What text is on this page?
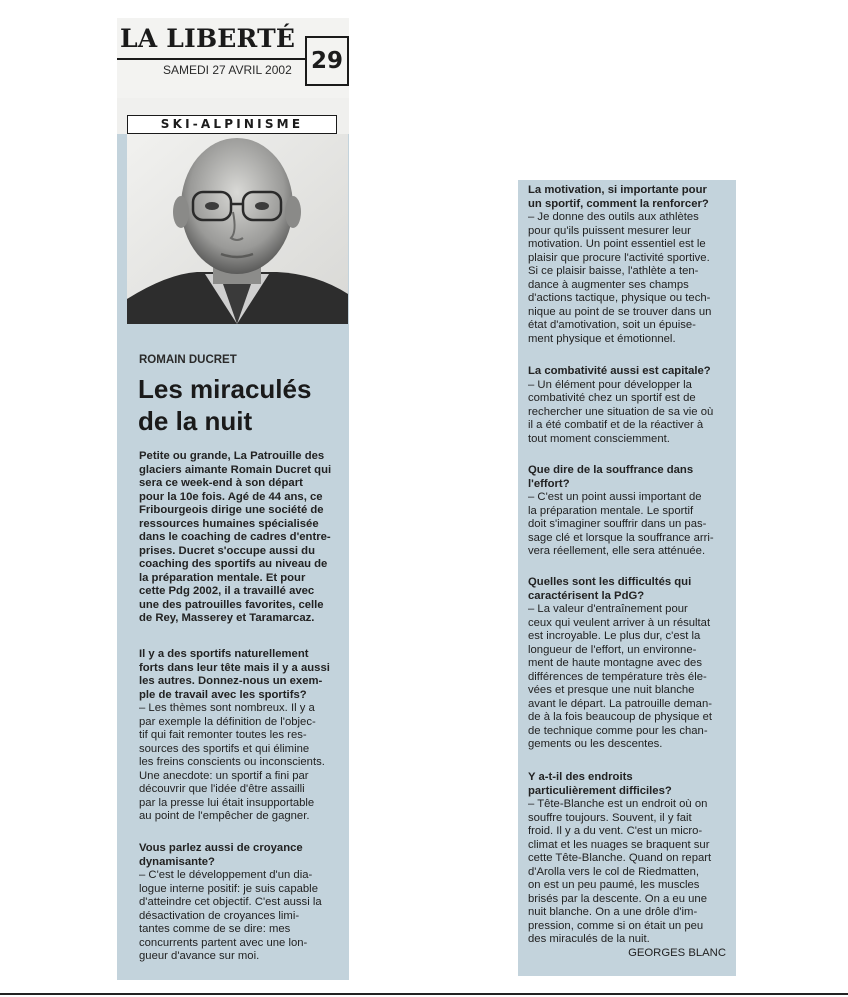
LA LIBERTÉ
29
SAMEDI 27 AVRIL 2002
SKI-ALPINISME
ROMAIN DUCRET
Les miraculés
de la nuit
Petite ou grande, La Patrouille des
glaciers aimante Romain Ducret qui
sera ce week-end à son départ
pour la 10e fois. Agé de 44 ans, ce
Fribourgeois dirige une société de
ressources humaines spécialisée
dans le coaching de cadres d'entre-
prises. Ducret s'occupe aussi du
coaching des sportifs au niveau de
la préparation mentale. Et pour
cette Pdg 2002, il a travaillé avec
une des patrouilles favorites, celle
de Rey, Masserey et Taramarcaz.
Il y a des sportifs naturellement
forts dans leur tête mais il y a aussi
les autres. Donnez-nous un exem-
ple de travail avec les sportifs?
– Les thèmes sont nombreux. Il y a
par exemple la définition de l'objec-
tif qui fait remonter toutes les res-
sources des sportifs et qui élimine
les freins conscients ou inconscients.
Une anecdote: un sportif a fini par
découvrir que l'idée d'être assailli
par la presse lui était insupportable
au point de l'empêcher de gagner.
Vous parlez aussi de croyance
dynamisante?
– C'est le développement d'un dia-
logue interne positif: je suis capable
d'atteindre cet objectif. C'est aussi la
désactivation de croyances limi-
tantes comme de se dire: mes
concurrents partent avec une lon-
gueur d'avance sur moi.
La motivation, si importante pour
un sportif, comment la renforcer?
– Je donne des outils aux athlètes
pour qu'ils puissent mesurer leur
motivation. Un point essentiel est le
plaisir que procure l'activité sportive.
Si ce plaisir baisse, l'athlète a ten-
dance à augmenter ses champs
d'actions tactique, physique ou tech-
nique au point de se trouver dans un
état d'amotivation, soit un épuise-
ment physique et émotionnel.
La combativité aussi est capitale?
– Un élément pour développer la
combativité chez un sportif est de
rechercher une situation de sa vie où
il a été combatif et de la réactiver à
tout moment consciemment.
Que dire de la souffrance dans
l'effort?
– C'est un point aussi important de
la préparation mentale. Le sportif
doit s'imaginer souffrir dans un pas-
sage clé et lorsque la souffrance arri-
vera réellement, elle sera atténuée.
Quelles sont les difficultés qui
caractérisent la PdG?
– La valeur d'entraînement pour
ceux qui veulent arriver à un résultat
est incroyable. Le plus dur, c'est la
longueur de l'effort, un environne-
ment de haute montagne avec des
différences de température très éle-
vées et presque une nuit blanche
avant le départ. La patrouille deman-
de à la fois beaucoup de physique et
de technique comme pour les chan-
gements ou les descentes.
Y a-t-il des endroits
particulièrement difficiles?
– Tête-Blanche est un endroit où on
souffre toujours. Souvent, il y fait
froid. Il y a du vent. C'est un micro-
climat et les nuages se braquent sur
cette Tête-Blanche. Quand on repart
d'Arolla vers le col de Riedmatten,
on est un peu paumé, les muscles
brisés par la descente. On a eu une
nuit blanche. On a une drôle d'im-
pression, comme si on était un peu
des miraculés de la nuit.
GEORGES BLANC
